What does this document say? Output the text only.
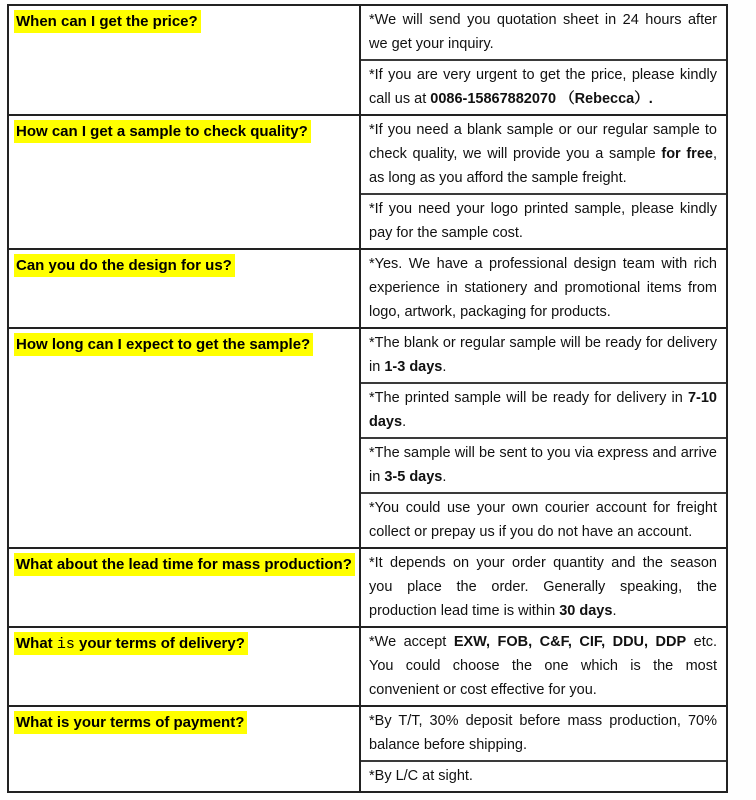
When can I get the price?	*We will send you quotation sheet in 24 hours after we get your inquiry.
*If you are very urgent to get the price, please kindly call us at 0086-15867882070 （Rebecca）.
How can I get a sample to check quality?	*If you need a blank sample or our regular sample to check quality, we will provide you a sample for free, as long as you afford the sample freight.
*If you need your logo printed sample, please kindly pay for the sample cost.
Can you do the design for us?	*Yes. We have a professional design team with rich experience in stationery and promotional items from logo, artwork, packaging for products.
How long can I expect to get the sample?	*The blank or regular sample will be ready for delivery in 1-3 days.
*The printed sample will be ready for delivery in 7-10 days.
*The sample will be sent to you via express and arrive in 3-5 days.
*You could use your own courier account for freight collect or prepay us if you do not have an account.
What about the lead time for mass production?	*It depends on your order quantity and the season you place the order. Generally speaking, the production lead time is within 30 days.
What is your terms of delivery?	*We accept EXW, FOB, C&F, CIF, DDU, DDP etc. You could choose the one which is the most convenient or cost effective for you.
What is your terms of payment?	*By T/T, 30% deposit before mass production, 70% balance before shipping.
*By L/C at sight.
